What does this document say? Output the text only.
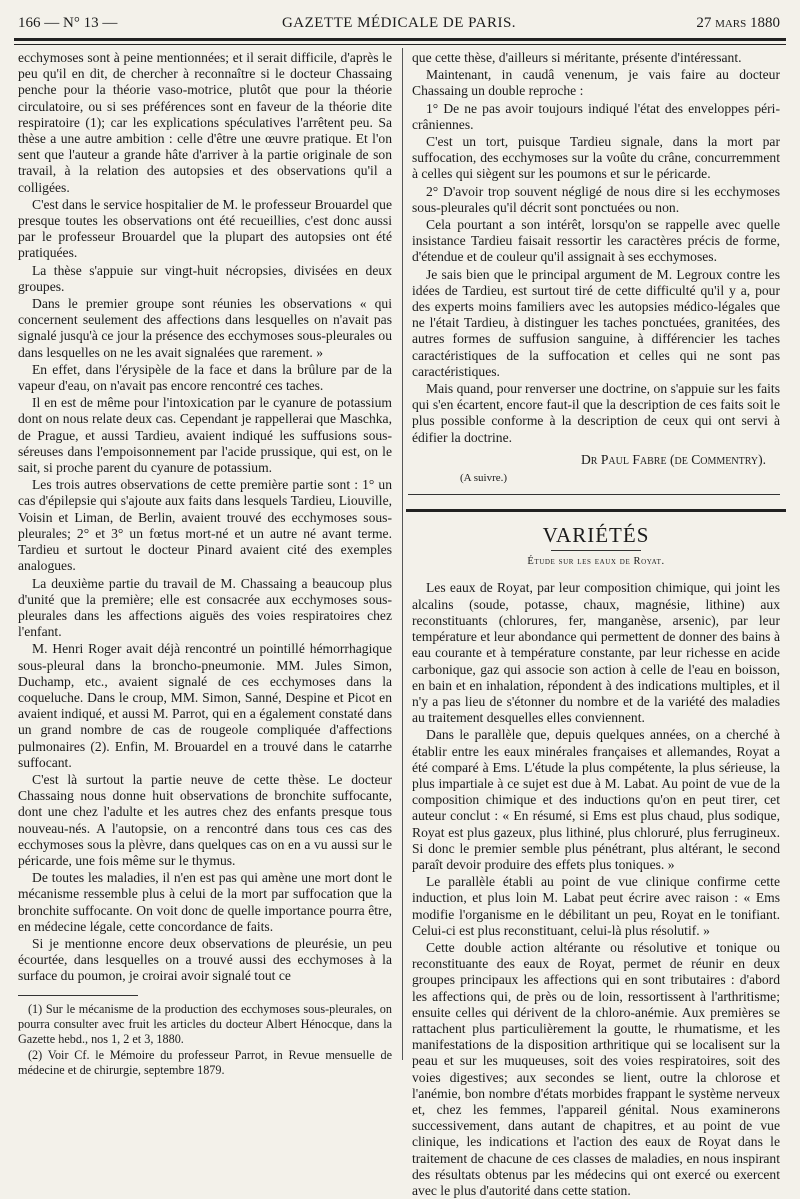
166 — N° 13 —	GAZETTE MÉDICALE DE PARIS.	27 mars 1880

ecchymoses sont à peine mentionnées; et il serait difficile, d'après le peu qu'il en dit, de chercher à reconnaître si le docteur Chassaing penche pour la théorie vaso-motrice, plutôt que pour la théorie circulatoire, ou si ses préférences sont en faveur de la théorie dite respiratoire (1); car les explications spéculatives l'arrêtent peu. Sa thèse a une autre ambition : celle d'être une œuvre pratique. Et l'on sent que l'auteur a grande hâte d'arriver à la partie originale de son travail, à la relation des autopsies et des observations qu'il a colligées.

C'est dans le service hospitalier de M. le professeur Brouardel que presque toutes les observations ont été recueillies, c'est donc aussi par le professeur Brouardel que la plupart des autopsies ont été pratiquées.

La thèse s'appuie sur vingt-huit nécropsies, divisées en deux groupes.

Dans le premier groupe sont réunies les observations « qui concernent seulement des affections dans lesquelles on n'avait pas signalé jusqu'à ce jour la présence des ecchymoses sous-pleurales ou dans lesquelles on ne les avait signalées que rarement. »

En effet, dans l'érysipèle de la face et dans la brûlure par de la vapeur d'eau, on n'avait pas encore rencontré ces taches.

Il en est de même pour l'intoxication par le cyanure de potassium dont on nous relate deux cas. Cependant je rappellerai que Maschka, de Prague, et aussi Tardieu, avaient indiqué les suffusions sous-séreuses dans l'empoisonnement par l'acide prussique, qui est, on le sait, si proche parent du cyanure de potassium.

Les trois autres observations de cette première partie sont : 1° un cas d'épilepsie qui s'ajoute aux faits dans lesquels Tardieu, Liouville, Voisin et Liman, de Berlin, avaient trouvé des ecchymoses sous-pleurales; 2° et 3° un fœtus mort-né et un autre né avant terme. Tardieu et surtout le docteur Pinard avaient cité des exemples analogues.

La deuxième partie du travail de M. Chassaing a beaucoup plus d'unité que la première; elle est consacrée aux ecchymoses sous-pleurales dans les affections aiguës des voies respiratoires chez l'enfant.

M. Henri Roger avait déjà rencontré un pointillé hémorrhagique sous-pleural dans la broncho-pneumonie. MM. Jules Simon, Duchamp, etc., avaient signalé de ces ecchymoses dans la coqueluche. Dans le croup, MM. Simon, Sanné, Despine et Picot en avaient indiqué, et aussi M. Parrot, qui en a également constaté dans un grand nombre de cas de rougeole compliquée d'affections pulmonaires (2). Enfin, M. Brouardel en a trouvé dans le catarrhe suffocant.

C'est là surtout la partie neuve de cette thèse. Le docteur Chassaing nous donne huit observations de bronchite suffocante, dont une chez l'adulte et les autres chez des enfants presque tous nouveau-nés. A l'autopsie, on a rencontré dans tous ces cas des ecchymoses sous la plèvre, dans quelques cas on en a vu aussi sur le péricarde, une fois même sur le thymus.

De toutes les maladies, il n'en est pas qui amène une mort dont le mécanisme ressemble plus à celui de la mort par suffocation que la bronchite suffocante. On voit donc de quelle importance pourra être, en médecine légale, cette concordance de faits.

Si je mentionne encore deux observations de pleurésie, un peu écourtée, dans lesquelles on a trouvé aussi des ecchymoses à la surface du poumon, je croirai avoir signalé tout ce

(1) Sur le mécanisme de la production des ecchymoses sous-pleurales, on pourra consulter avec fruit les articles du docteur Albert Hénocque, dans la Gazette hebd., nos 1, 2 et 3, 1880.

(2) Voir Cf. le Mémoire du professeur Parrot, in Revue mensuelle de médecine et de chirurgie, septembre 1879.

que cette thèse, d'ailleurs si méritante, présente d'intéressant.

Maintenant, in caudâ venenum, je vais faire au docteur Chassaing un double reproche :

1° De ne pas avoir toujours indiqué l'état des enveloppes péri-crâniennes.

C'est un tort, puisque Tardieu signale, dans la mort par suffocation, des ecchymoses sur la voûte du crâne, concurremment à celles qui siègent sur les poumons et sur le péricarde.

2° D'avoir trop souvent négligé de nous dire si les ecchymoses sous-pleurales qu'il décrit sont ponctuées ou non.

Cela pourtant a son intérêt, lorsqu'on se rappelle avec quelle insistance Tardieu faisait ressortir les caractères précis de forme, d'étendue et de couleur qu'il assignait à ses ecchymoses.

Je sais bien que le principal argument de M. Legroux contre les idées de Tardieu, est surtout tiré de cette difficulté qu'il y a, pour des experts moins familiers avec les autopsies médico-légales que ne l'était Tardieu, à distinguer les taches ponctuées, granitées, des autres formes de suffusion sanguine, à différencier les taches caractéristiques de la suffocation et celles qui ne sont pas caractéristiques.

Mais quand, pour renverser une doctrine, on s'appuie sur les faits qui s'en écartent, encore faut-il que la description de ces faits soit le plus possible conforme à la description de ceux qui ont servi à édifier la doctrine.

Dr Paul Fabre (de Commentry).
(A suivre.)
VARIÉTÉS
Étude sur les eaux de Royat.

Les eaux de Royat, par leur composition chimique, qui joint les alcalins (soude, potasse, chaux, magnésie, lithine) aux reconstituants (chlorures, fer, manganèse, arsenic), par leur température et leur abondance qui permettent de donner des bains à eau courante et à température constante, par leur richesse en acide carbonique, gaz qui associe son action à celle de l'eau en boisson, en bain et en inhalation, répondent à des indications multiples, et il n'y a pas lieu de s'étonner du nombre et de la variété des maladies au traitement desquelles elles conviennent.

Dans le parallèle que, depuis quelques années, on a cherché à établir entre les eaux minérales françaises et allemandes, Royat a été comparé à Ems. L'étude la plus compétente, la plus sérieuse, la plus impartiale à ce sujet est due à M. Labat. Au point de vue de la composition chimique et des inductions qu'on en peut tirer, cet auteur conclut : « En résumé, si Ems est plus chaud, plus sodique, Royat est plus gazeux, plus lithiné, plus chloruré, plus ferrugineux. Si donc le premier semble plus pénétrant, plus altérant, le second paraît devoir produire des effets plus toniques. »

Le parallèle établi au point de vue clinique confirme cette induction, et plus loin M. Labat peut écrire avec raison : « Ems modifie l'organisme en le débilitant un peu, Royat en le tonifiant. Celui-ci est plus reconstituant, celui-là plus résolutif. »

Cette double action altérante ou résolutive et tonique ou reconstituante des eaux de Royat, permet de réunir en deux groupes principaux les affections qui en sont tributaires : d'abord les affections qui, de près ou de loin, ressortissent à l'arthritisme; ensuite celles qui dérivent de la chloro-anémie. Aux premières se rattachent plus particulièrement la goutte, le rhumatisme, et les manifestations de la disposition arthritique qui se localisent sur la peau et sur les muqueuses, soit des voies respiratoires, soit des voies digestives; aux secondes se lient, outre la chlorose et l'anémie, bon nombre d'états morbides frappant le système nerveux et, chez les femmes, l'appareil génital. Nous examinerons successivement, dans autant de chapitres, et au point de vue clinique, les indications et l'action des eaux de Royat dans le traitement de chacune de ces classes de maladies, en nous inspirant des résultats obtenus par les médecins qui ont exercé ou exercent avec le plus d'autorité dans cette station.
